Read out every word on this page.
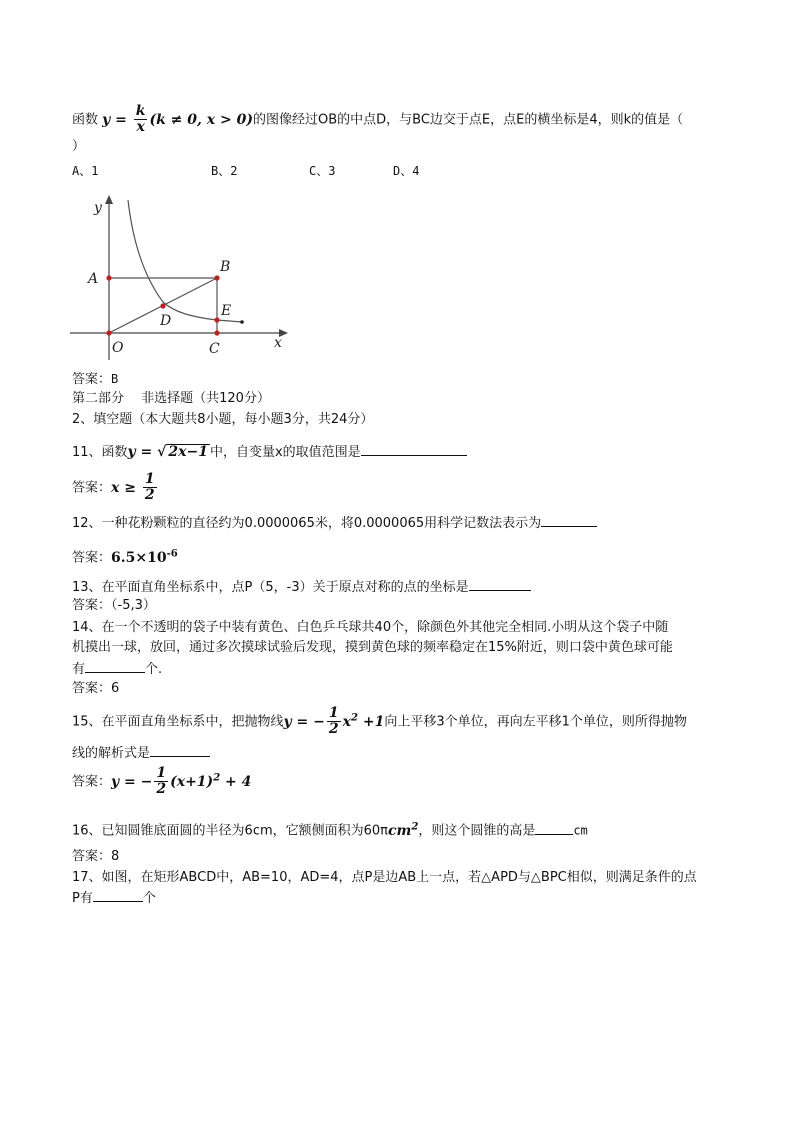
函数 $y = \frac{k}{x} (k \ne 0$, x > 0)的图像经过OB的中点D，与BC边交于点E，点E的横坐标是4，则k的值是（
）
A、1	B、2	C、3	D、4
y
x
A
B
D
E
C
O
答案：B
第二部分　 非选择题（共120分）
2、填空题（本大题共8小题，每小题3分，共24分）
11、函数y = √ 2x−1 中，自变量x的取值范围是
答案：$x \ge \frac{1}{2}$
12、一种花粉颗粒的直径约为0.0000065米，将0.0000065用科学记数法表示为
答案：$6.5\times 10^{-6}$
13、在平面直角坐标系中，点P（5，-3）关于原点对称的点的坐标是
答案：（-5,3）
14、在一个不透明的袋子中装有黄色、白色乒乓球共40个，除颜色外其他完全相同.小明从这个袋子中随
机摸出一球，放回，通过多次摸球试验后发现，摸到黄色球的频率稳定在15%附近，则口袋中黄色球可能
有	个.
答案：6
15、在平面直角坐标系中，把抛物线y = − $\frac{1}{2} x^2 +1$向上平移3个单位，再向左平移1个单位，则所得抛物
线的解析式是
答案：y = − $\frac{1}{2} (x+1)^2 + 4$
16、已知圆锥底面圆的半径为6cm，它额侧面积为60πcm$^2$，则这个圆锥的高是	cm
答案：8
17、如图，在矩形ABCD中，AB=10，AD=4，点P是边AB上一点，若△APD与△BPC相似，则满足条件的点
P有	个
